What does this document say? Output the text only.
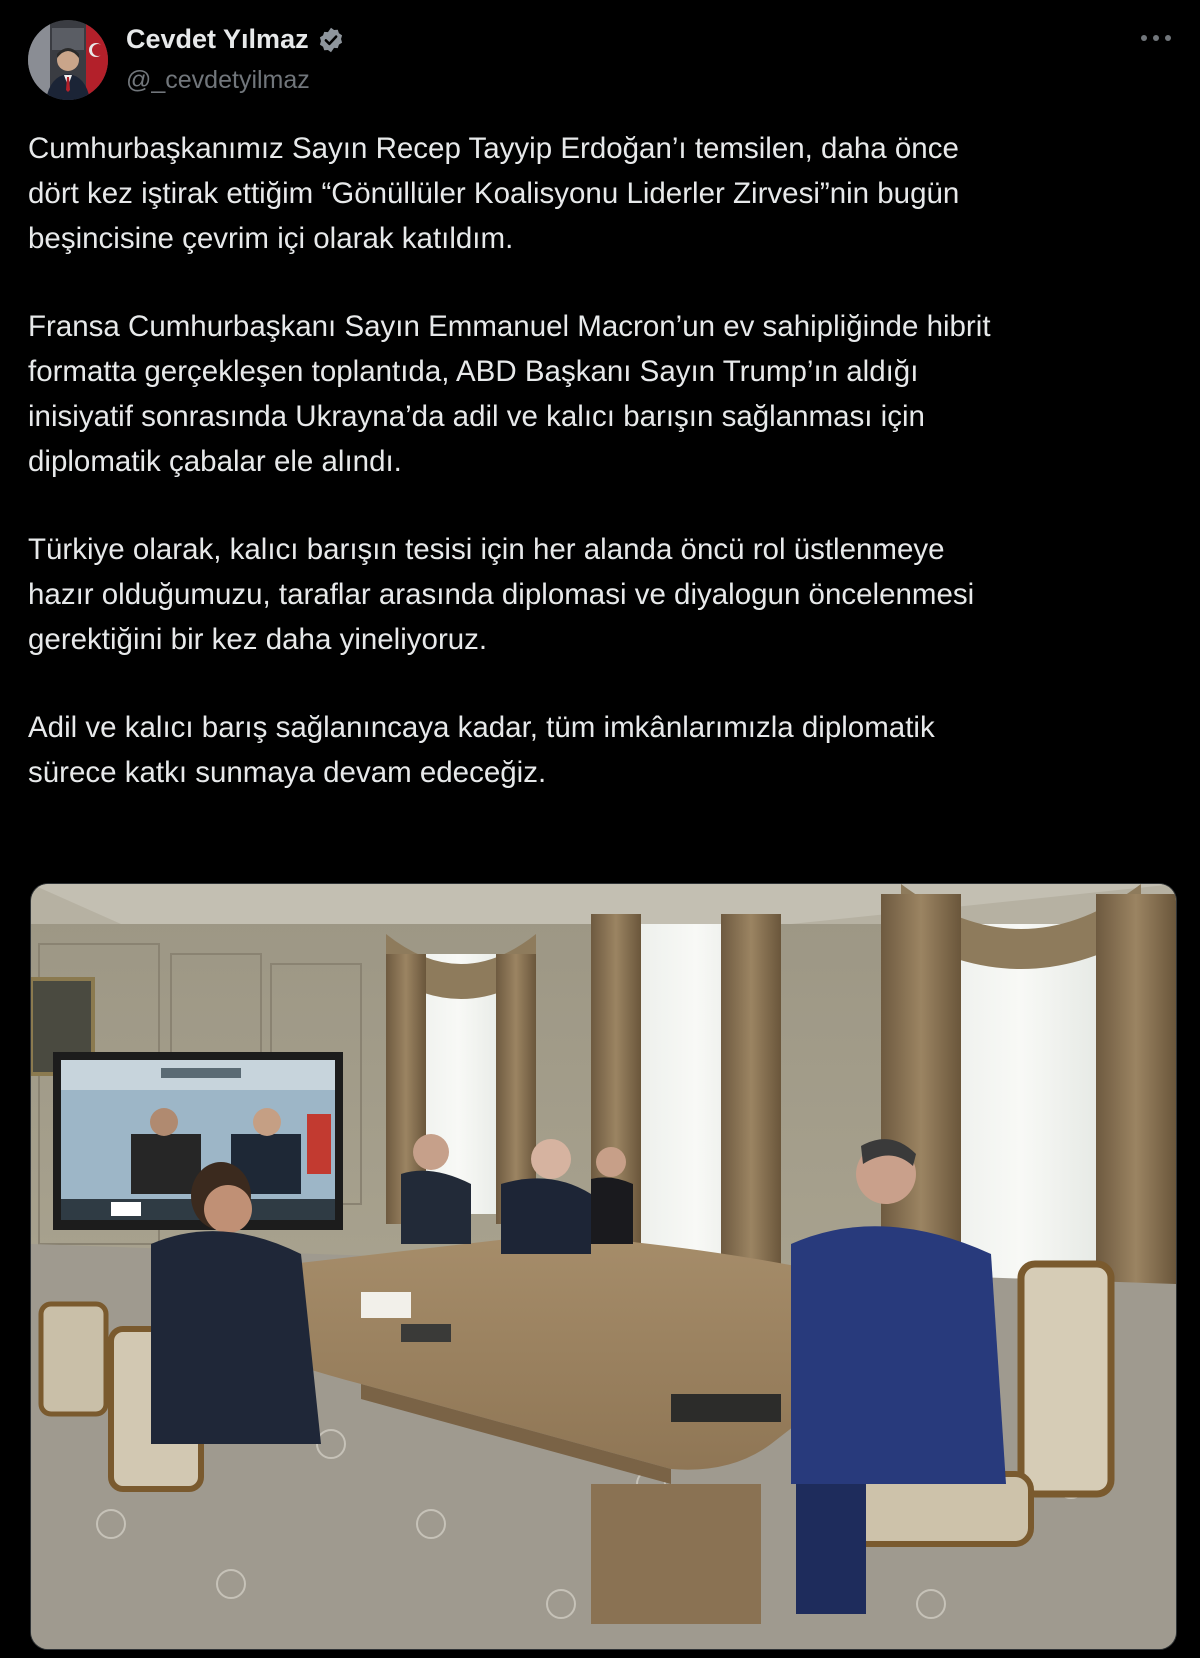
Cevdet Yılmaz
@_cevdetyilmaz

Cumhurbaşkanımız Sayın Recep Tayyip Erdoğan’ı temsilen, daha önce
dört kez iştirak ettiğim “Gönüllüler Koalisyonu Liderler Zirvesi”nin bugün
beşincisine çevrim içi olarak katıldım.

Fransa Cumhurbaşkanı Sayın Emmanuel Macron’un ev sahipliğinde hibrit
formatta gerçekleşen toplantıda, ABD Başkanı Sayın Trump’ın aldığı
inisiyatif sonrasında Ukrayna’da adil ve kalıcı barışın sağlanması için
diplomatik çabalar ele alındı.

Türkiye olarak, kalıcı barışın tesisi için her alanda öncü rol üstlenmeye
hazır olduğumuzu, taraflar arasında diplomasi ve diyalogun öncelenmesi
gerektiğini bir kez daha yineliyoruz.

Adil ve kalıcı barış sağlanıncaya kadar, tüm imkânlarımızla diplomatik
sürece katkı sunmaya devam edeceğiz.
